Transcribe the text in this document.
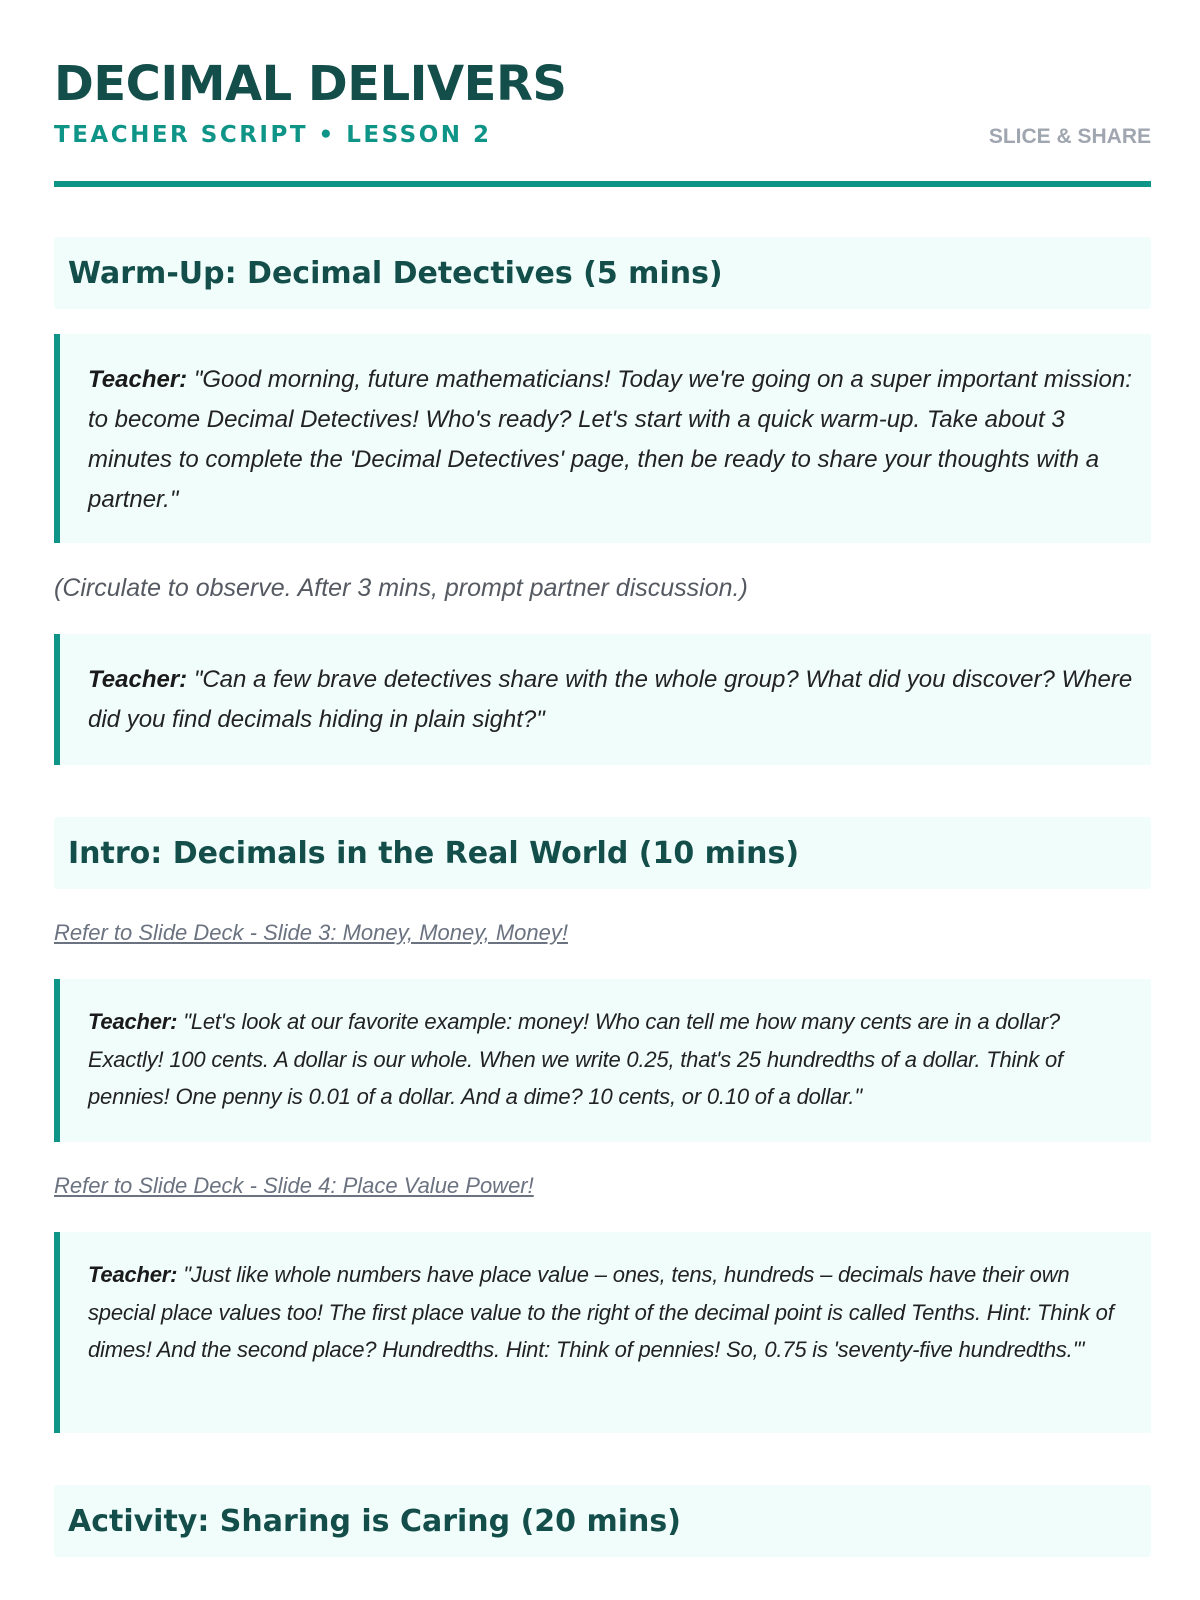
DECIMAL DELIVERS
TEACHER SCRIPT • LESSON 2	SLICE & SHARE
Warm-Up: Decimal Detectives (5 mins)
Teacher: "Good morning, future mathematicians! Today we're going on a super important mission: to become Decimal Detectives! Who's ready? Let's start with a quick warm-up. Take about 3 minutes to complete the 'Decimal Detectives' page, then be ready to share your thoughts with a partner."
(Circulate to observe. After 3 mins, prompt partner discussion.)
Teacher: "Can a few brave detectives share with the whole group? What did you discover? Where did you find decimals hiding in plain sight?"
Intro: Decimals in the Real World (10 mins)
Refer to Slide Deck - Slide 3: Money, Money, Money!
Teacher: "Let's look at our favorite example: money! Who can tell me how many cents are in a dollar? Exactly! 100 cents. A dollar is our whole. When we write 0.25, that's 25 hundredths of a dollar. Think of pennies! One penny is 0.01 of a dollar. And a dime? 10 cents, or 0.10 of a dollar."
Refer to Slide Deck - Slide 4: Place Value Power!
Teacher: "Just like whole numbers have place value – ones, tens, hundreds – decimals have their own special place values too! The first place value to the right of the decimal point is called Tenths. Hint: Think of dimes! And the second place? Hundredths. Hint: Think of pennies! So, 0.75 is 'seventy-five hundredths.'"
Activity: Sharing is Caring (20 mins)
